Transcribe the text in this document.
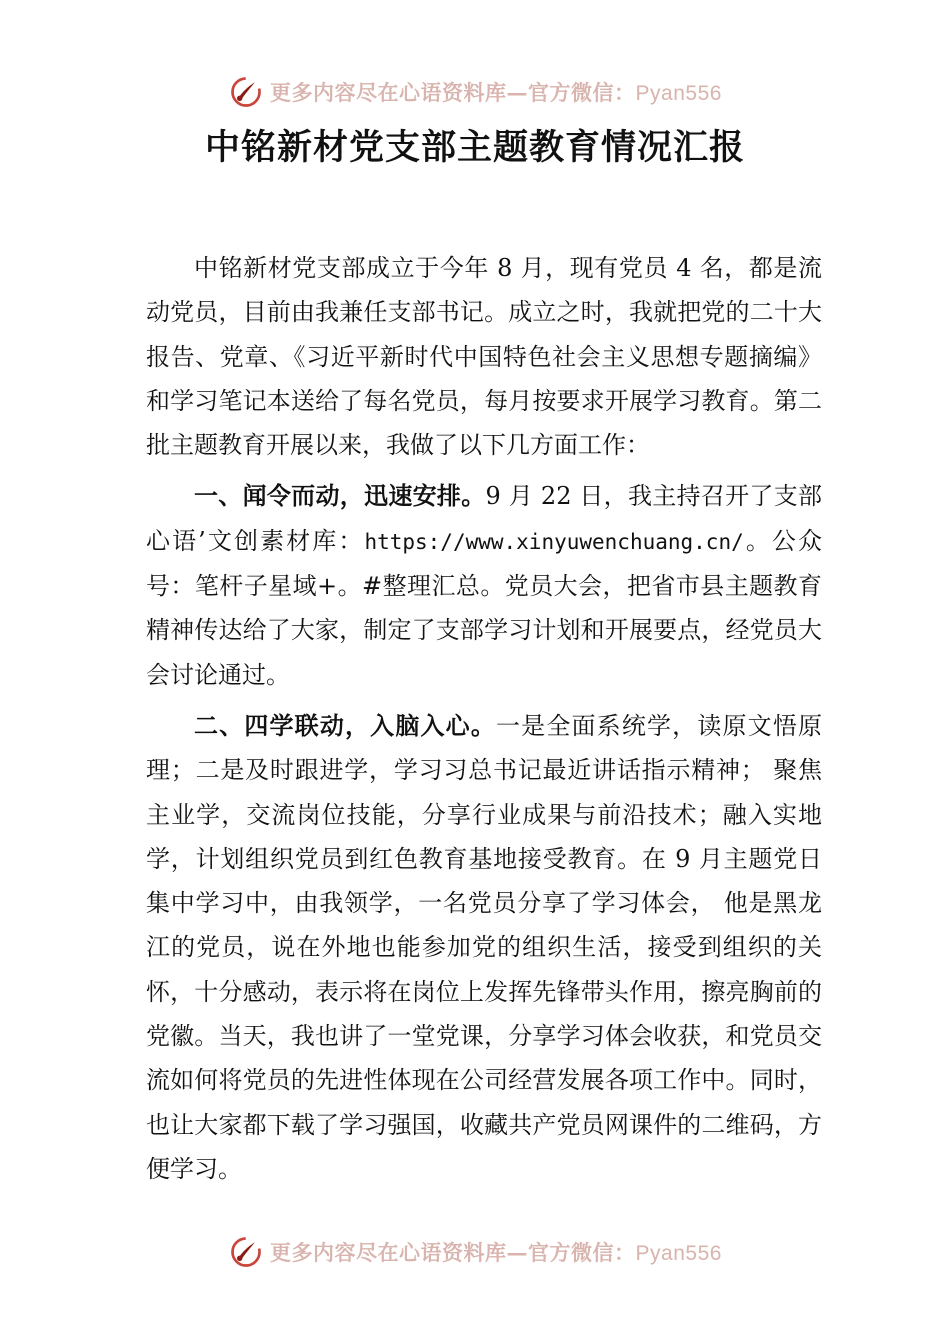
更多内容尽在心语资料库—官方微信：Pyan556
中铭新材党支部主题教育情况汇报

中铭新材党支部成立于今年 8 月，现有党员 4 名，都是流动党员，目前由我兼任支部书记。成立之时，我就把党的二十大报告、党章、《习近平新时代中国特色社会主义思想专题摘编》和学习笔记本送给了每名党员，每月按要求开展学习教育。第二批主题教育开展以来，我做了以下几方面工作：

一、闻令而动，迅速安排。9 月 22 日，我主持召开了支部心语’文创素材库：https://www.xinyuwenchuang.cn/。公众号：笔杆子星域+。#整理汇总。党员大会，把省市县主题教育精神传达给了大家，制定了支部学习计划和开展要点，经党员大会讨论通过。

二、四学联动，入脑入心。一是全面系统学，读原文悟原理；二是及时跟进学，学习习总书记最近讲话指示精神； 聚焦主业学，交流岗位技能，分享行业成果与前沿技术；融入实地学，计划组织党员到红色教育基地接受教育。在 9 月主题党日集中学习中，由我领学，一名党员分享了学习体会， 他是黑龙江的党员，说在外地也能参加党的组织生活，接受到组织的关怀，十分感动，表示将在岗位上发挥先锋带头作用，擦亮胸前的党徽。当天，我也讲了一堂党课，分享学习体会收获，和党员交流如何将党员的先进性体现在公司经营发展各项工作中。同时，也让大家都下载了学习强国，收藏共产党员网课件的二维码，方便学习。

更多内容尽在心语资料库—官方微信：Pyan556
